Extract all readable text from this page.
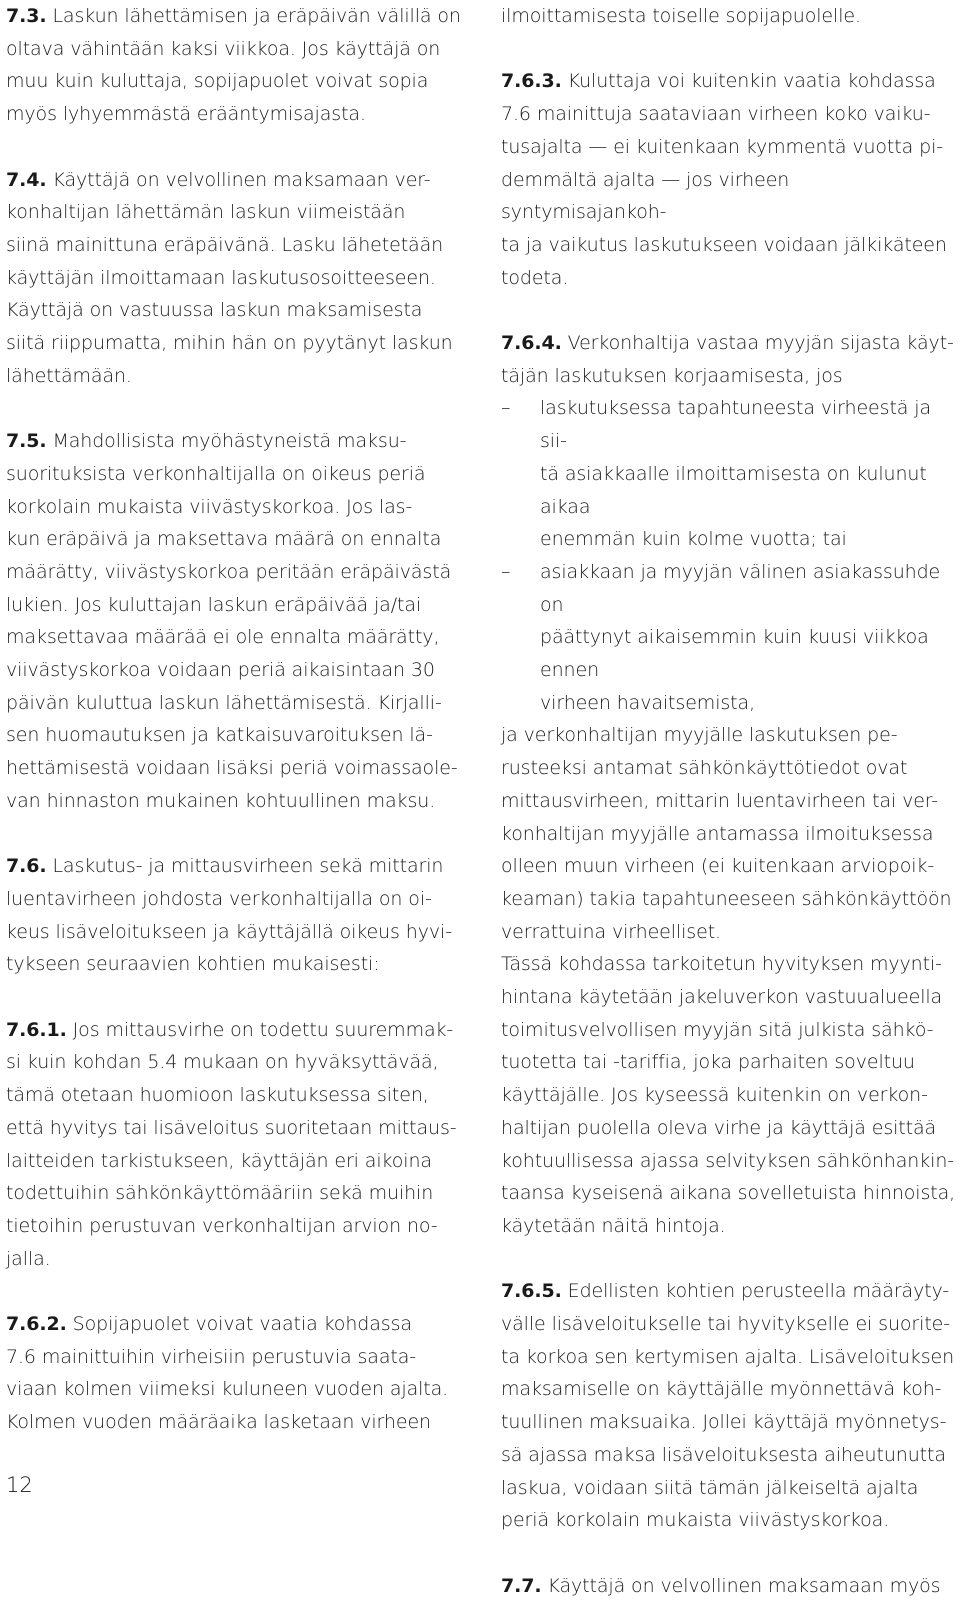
7.3. Laskun lähettämisen ja eräpäivän välillä on
oltava vähintään kaksi viikkoa. Jos käyttäjä on
muu kuin kuluttaja, sopijapuolet voivat sopia
myös lyhyemmästä erääntymisajasta.

7.4. Käyttäjä on velvollinen maksamaan ver-
konhaltijan lähettämän laskun viimeistään
siinä mainittuna eräpäivänä. Lasku lähetetään
käyttäjän ilmoittamaan laskutusosoitteeseen.
Käyttäjä on vastuussa laskun maksamisesta
siitä riippumatta, mihin hän on pyytänyt laskun
lähettämään.

7.5. Mahdollisista myöhästyneistä maksu-
suorituksista verkonhaltijalla on oikeus periä
korkolain mukaista viivästyskorkoa. Jos las-
kun eräpäivä ja maksettava määrä on ennalta
määrätty, viivästyskorkoa peritään eräpäivästä
lukien. Jos kuluttajan laskun eräpäivää ja/tai
maksettavaa määrää ei ole ennalta määrätty,
viivästyskorkoa voidaan periä aikaisintaan 30
päivän kuluttua laskun lähettämisestä. Kirjalli-
sen huomautuksen ja katkaisuvaroituksen lä-
hettämisestä voidaan lisäksi periä voimassaole-
van hinnaston mukainen kohtuullinen maksu.

7.6. Laskutus- ja mittausvirheen sekä mittarin
luentavirheen johdosta verkonhaltijalla on oi-
keus lisäveloitukseen ja käyttäjällä oikeus hyvi-
tykseen seuraavien kohtien mukaisesti:

7.6.1. Jos mittausvirhe on todettu suuremmak-
si kuin kohdan 5.4 mukaan on hyväksyttävää,
tämä otetaan huomioon laskutuksessa siten,
että hyvitys tai lisäveloitus suoritetaan mittaus-
laitteiden tarkistukseen, käyttäjän eri aikoina
todettuihin sähkönkäyttömääriin sekä muihin
tietoihin perustuvan verkonhaltijan arvion no-
jalla.

7.6.2. Sopijapuolet voivat vaatia kohdassa
7.6 mainittuihin virheisiin perustuvia saata-
viaan kolmen viimeksi kuluneen vuoden ajalta.
Kolmen vuoden määräaika lasketaan virheen

ilmoittamisesta toiselle sopijapuolelle.

7.6.3. Kuluttaja voi kuitenkin vaatia kohdassa
7.6 mainittuja saataviaan virheen koko vaiku-
tusajalta — ei kuitenkaan kymmentä vuotta pi-
demmältä ajalta — jos virheen syntymisajankoh-
ta ja vaikutus laskutukseen voidaan jälkikäteen
todeta.

7.6.4. Verkonhaltija vastaa myyjän sijasta käyt-
täjän laskutuksen korjaamisesta, jos

–	laskutuksessa tapahtuneesta virheestä ja sii-
tä asiakkaalle ilmoittamisesta on kulunut aikaa
enemmän kuin kolme vuotta; tai
–	asiakkaan ja myyjän välinen asiakassuhde on
päättynyt aikaisemmin kuin kuusi viikkoa ennen
virheen havaitsemista,

ja verkonhaltijan myyjälle laskutuksen pe-
rusteeksi antamat sähkönkäyttötiedot ovat
mittausvirheen, mittarin luentavirheen tai ver-
konhaltijan myyjälle antamassa ilmoituksessa
olleen muun virheen (ei kuitenkaan arviopoik-
keaman) takia tapahtuneeseen sähkönkäyttöön
verrattuina virheelliset.

Tässä kohdassa tarkoitetun hyvityksen myynti-
hintana käytetään jakeluverkon vastuualueella
toimitusvelvollisen myyjän sitä julkista sähkö-
tuotetta tai -tariffia, joka parhaiten soveltuu
käyttäjälle. Jos kyseessä kuitenkin on verkon-
haltijan puolella oleva virhe ja käyttäjä esittää
kohtuullisessa ajassa selvityksen sähkönhankin-
taansa kyseisenä aikana sovelletuista hinnoista,
käytetään näitä hintoja.

7.6.5. Edellisten kohtien perusteella määräyty-
välle lisäveloitukselle tai hyvitykselle ei suorite-
ta korkoa sen kertymisen ajalta. Lisäveloituksen
maksamiselle on käyttäjälle myönnettävä koh-
tuullinen maksuaika. Jollei käyttäjä myönnetys-
sä ajassa maksa lisäveloituksesta aiheutunutta
laskua, voidaan siitä tämän jälkeiseltä ajalta
periä korkolain mukaista viivästyskorkoa.

7.7. Käyttäjä on velvollinen maksamaan myös

12
